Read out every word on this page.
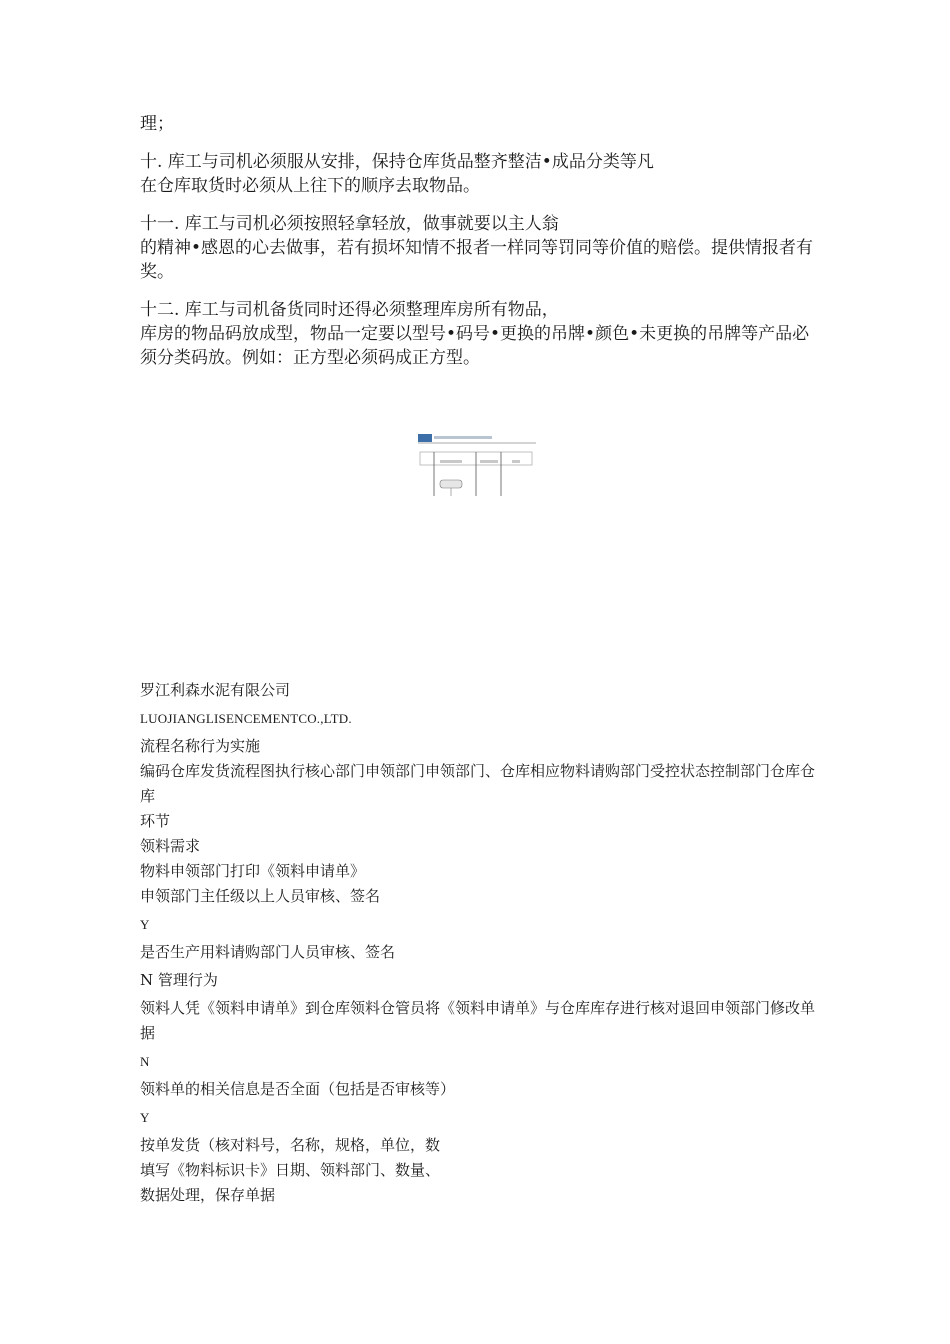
理；
十. 库工与司机必须服从安排，保持仓库货品整齐整洁•成品分类等凡
在仓库取货时必须从上往下的顺序去取物品。
十一. 库工与司机必须按照轻拿轻放，做事就要以主人翁
的精神•感恩的心去做事，若有损坏知情不报者一样同等罚同等价值的赔偿。提供情报者有奖。
十二. 库工与司机备货同时还得必须整理库房所有物品，
库房的物品码放成型，物品一定要以型号•码号•更换的吊牌•颜色•未更换的吊牌等产品必须分类码放。例如：正方型必须码成正方型。
罗江利森水泥有限公司
LUOJIANGLISENCEMENTCO.,LTD.
流程名称行为实施
编码仓库发货流程图执行核心部门申领部门申领部门、仓库相应物料请购部门受控状态控制部门仓库仓库
环节
领料需求
物料申领部门打印《领料申请单》
申领部门主任级以上人员审核、签名
Y
是否生产用料请购部门人员审核、签名
N 管理行为
领料人凭《领料申请单》到仓库领料仓管员将《领料申请单》与仓库库存进行核对退回申领部门修改单据
N
领料单的相关信息是否全面（包括是否审核等）
Y
按单发货（核对料号，名称，规格，单位，数
填写《物料标识卡》日期、领料部门、数量、
数据处理，保存单据
